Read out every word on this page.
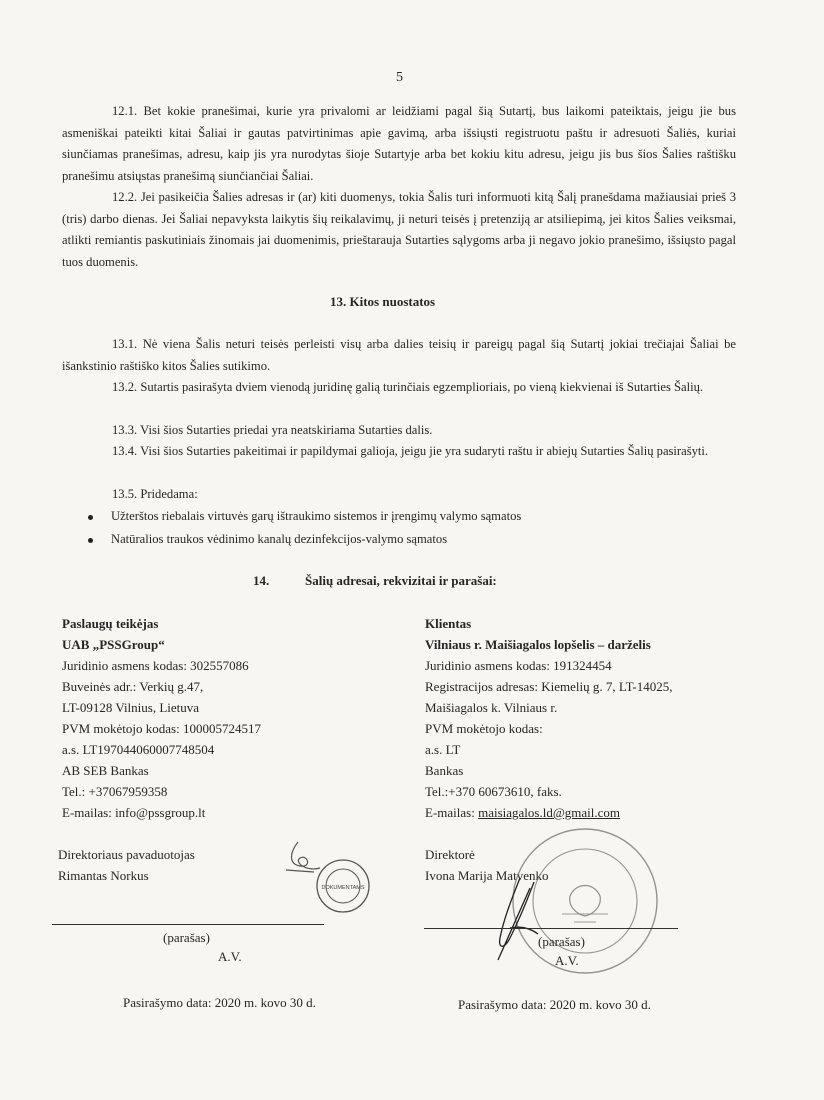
5

12.1. Bet kokie pranešimai, kurie yra privalomi ar leidžiami pagal šią Sutartį, bus laikomi pateiktais, jeigu jie bus asmeniškai pateikti kitai Šaliai ir gautas patvirtinimas apie gavimą, arba išsiųsti registruotu paštu ir adresuoti Šaliės, kuriai siunčiamas pranešimas, adresu, kaip jis yra nurodytas šioje Sutartyje arba bet kokiu kitu adresu, jeigu jis bus šios Šalies raštišku pranešimu atsiųstas pranešimą siunčiančiai Šaliai.

12.2. Jei pasikeičia Šalies adresas ir (ar) kiti duomenys, tokia Šalis turi informuoti kitą Šalį pranešdama mažiausiai prieš 3 (tris) darbo dienas. Jei Šaliai nepavyksta laikytis šių reikalavimų, ji neturi teisės į pretenziją ar atsiliepimą, jei kitos Šalies veiksmai, atlikti remiantis paskutiniais žinomais jai duomenimis, prieštarauja Sutarties sąlygoms arba ji negavo jokio pranešimo, išsiųsto pagal tuos duomenis.

13. Kitos nuostatos

13.1. Nė viena Šalis neturi teisės perleisti visų arba dalies teisių ir pareigų pagal šią Sutartį jokiai trečiajai Šaliai be išankstinio raštiško kitos Šalies sutikimo.

13.2. Sutartis pasirašyta dviem vienodą juridinę galią turinčiais egzemplioriais, po vieną kiekvienai iš Sutarties Šalių.

13.3. Visi šios Sutarties priedai yra neatskiriama Sutarties dalis.

13.4. Visi šios Sutarties pakeitimai ir papildymai galioja, jeigu jie yra sudaryti raštu ir abiejų Sutarties Šalių pasirašyti.

13.5. Pridedama:
Užterštos riebalais virtuvės garų ištraukimo sistemos ir įrengimų valymo sąmatos
Natūralios traukos vėdinimo kanalų dezinfekcijos-valymo sąmatos
14.	Šalių adresai, rekvizitai ir parašai:
Paslaugų teikėjas
UAB „PSSGroup“
Juridinio asmens kodas: 302557086
Buveinės adr.: Verkių g.47,
LT-09128 Vilnius, Lietuva
PVM mokėtojo kodas: 100005724517
a.s. LT197044060007748504
AB SEB Bankas
Tel.: +37067959358
E-mailas: info@pssgroup.lt
Direktoriaus pavaduotojas
Rimantas Norkus
DOKUMENTAMS
(parašas)
A.V.
Pasirašymo data: 2020 m. kovo 30 d.
Klientas
Vilniaus r. Maišiagalos lopšelis – darželis
Juridinio asmens kodas: 191324454
Registracijos adresas: Kiemelių g. 7, LT-14025,
Maišiagalos k. Vilniaus r.
PVM mokėtojo kodas:
a.s. LT
Bankas
Tel.:+370 60673610, faks.
E-mailas: maisiagalos.ld@gmail.com
Direktorė
Ivona Marija Matvenko
(parašas)
A.V.
Pasirašymo data: 2020 m. kovo 30 d.
